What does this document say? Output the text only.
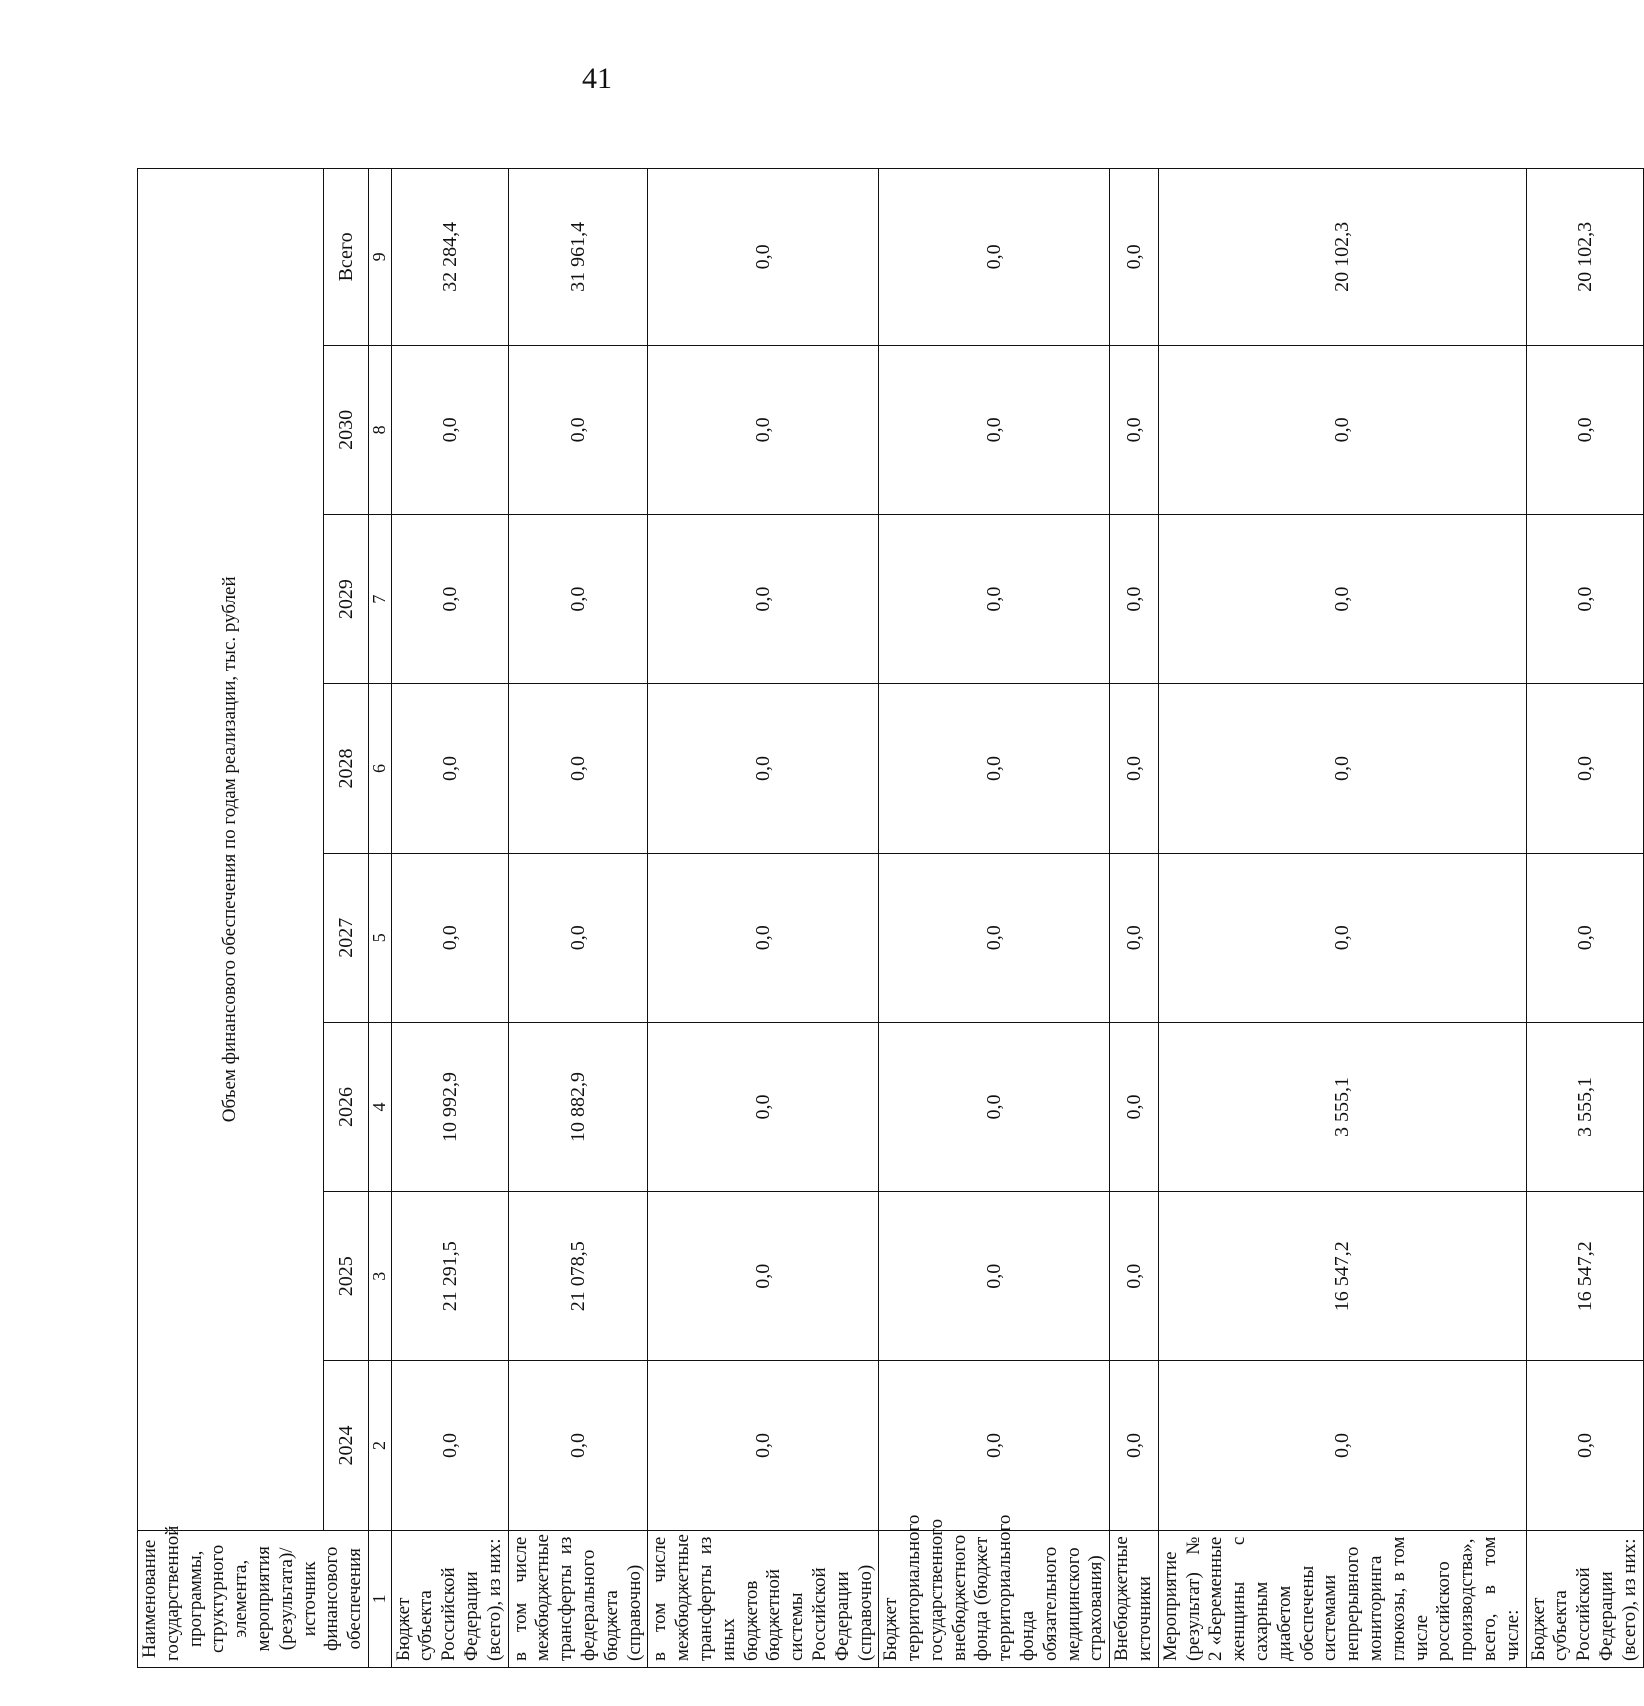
41
Наименование государственной программы, структурного элемента, мероприятия (результата)/источник финансового обеспечения	Объем финансового обеспечения по годам реализации, тыс. рублей							
	2024	2025	2026	2027	2028	2029	2030	Всего
1	2	3	4	5	6	7	8	9
Бюджет субъекта Российской Федерации (всего), из них:	0,0	21 291,5	10 992,9	0,0	0,0	0,0	0,0	32 284,4
в том числе межбюджетные трансферты из федерального бюджета (справочно)	0,0	21 078,5	10 882,9	0,0	0,0	0,0	0,0	31 961,4
в том числе межбюджетные трансферты из иных бюджетов бюджетной системы Российской Федерации (справочно)	0,0	0,0	0,0	0,0	0,0	0,0	0,0	0,0
Бюджет территориального государственного внебюджетного фонда (бюджет территориального фонда обязательного медицинского страхования)	0,0	0,0	0,0	0,0	0,0	0,0	0,0	0,0
Внебюджетные источники	0,0	0,0	0,0	0,0	0,0	0,0	0,0	0,0
Мероприятие (результат) № 2 «Беременные женщины с сахарным диабетом обеспечены системами непрерывного мониторинга глюкозы, в том числе российского производства», всего, в том числе:	0,0	16 547,2	3 555,1	0,0	0,0	0,0	0,0	20 102,3
Бюджет субъекта Российской Федерации (всего), из них:	0,0	16 547,2	3 555,1	0,0	0,0	0,0	0,0	20 102,3
